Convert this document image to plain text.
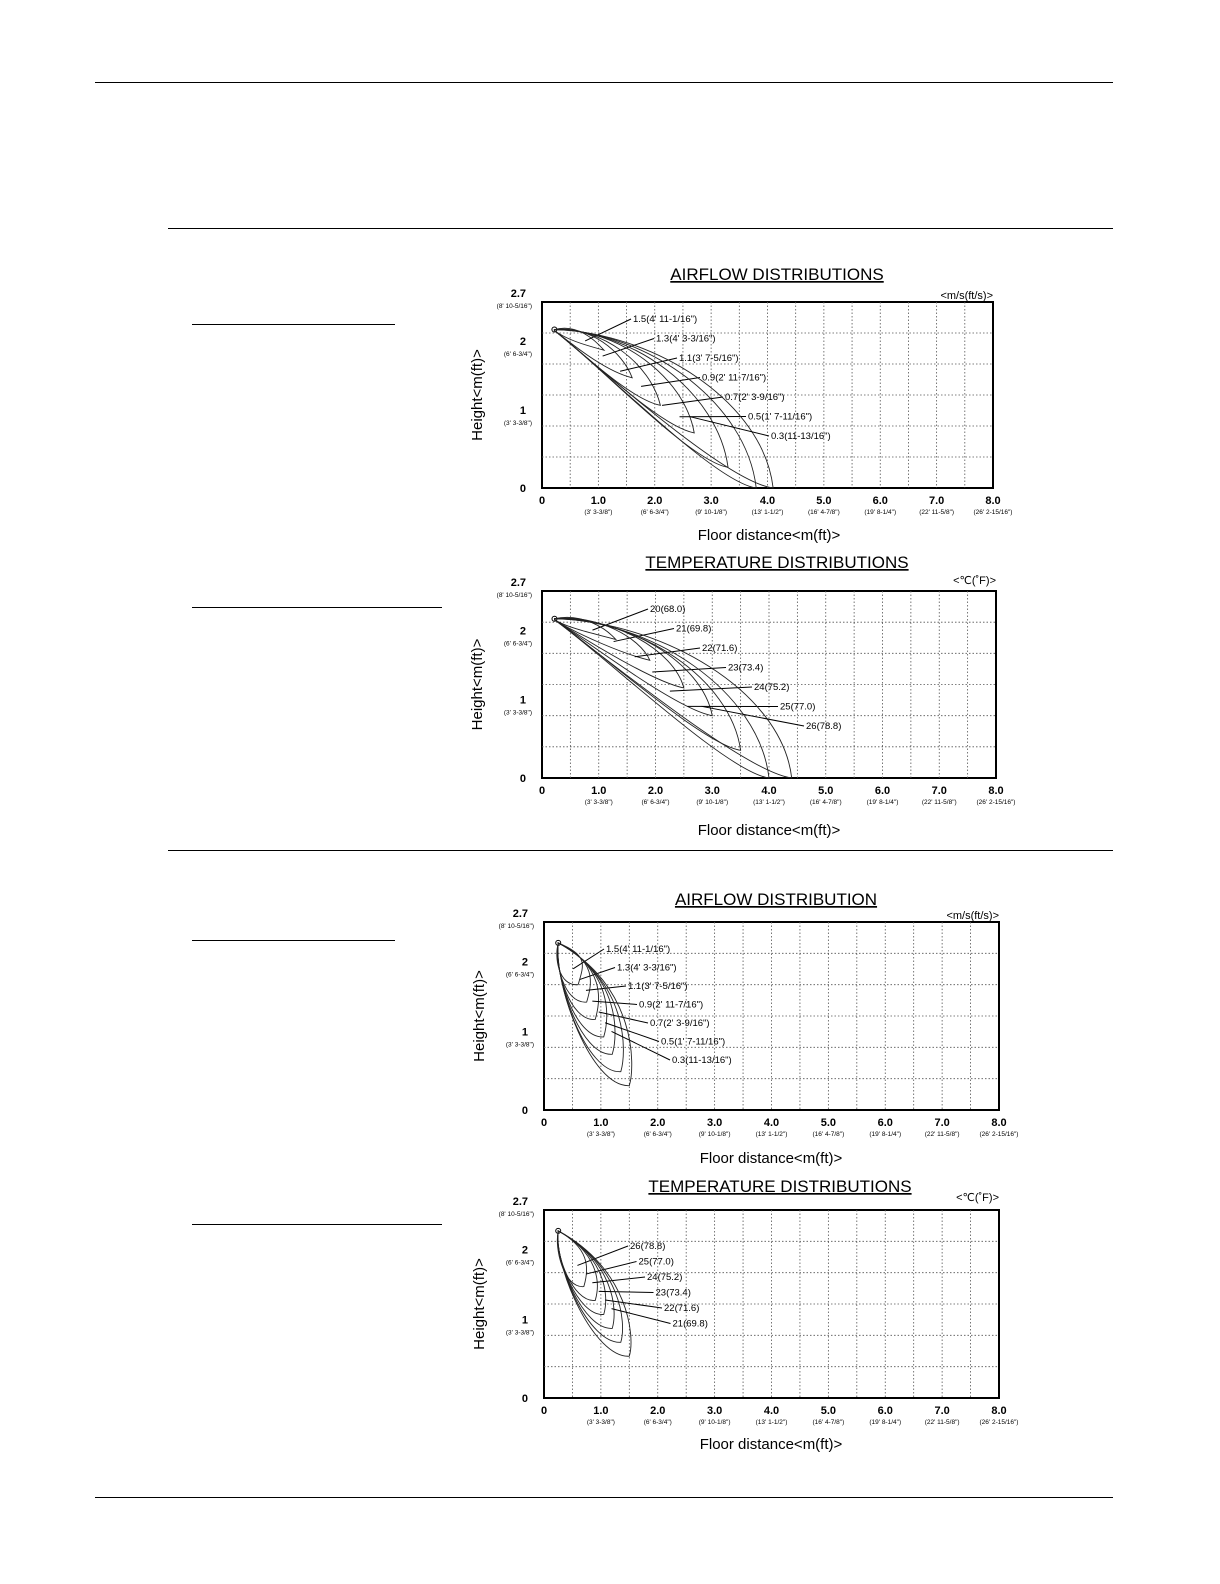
AIRFLOW DISTRIBUTIONS
<m/s(ft/s)>
0	1.0
(3' 3-3/8")
2.0
(6' 6-3/4")
3.0
(9' 10-1/8")
4.0
(13' 1-1/2")
5.0
(16' 4-7/8")
6.0
(19' 8-1/4")
7.0
(22' 11-5/8")
8.0
(26' 2-15/16")
0
1
(3' 3-3/8")
2
(6' 6-3/4")
2.7
(8' 10-5/16")
Floor distance<m(ft)>
Height<m(ft)>
1.5(4' 11-1/16")
1.3(4' 3-3/16")
1.1(3' 7-5/16")
0.9(2' 11-7/16")
0.7(2' 3-9/16")
0.5(1' 7-11/16")
0.3(11-13/16")
TEMPERATURE DISTRIBUTIONS
<℃(˚F)>
0	1.0
(3' 3-3/8")
2.0
(6' 6-3/4")
3.0
(9' 10-1/8")
4.0
(13' 1-1/2")
5.0
(16' 4-7/8")
6.0
(19' 8-1/4")
7.0
(22' 11-5/8")
8.0
(26' 2-15/16")
0
1
(3' 3-3/8")
2
(6' 6-3/4")
2.7
(8' 10-5/16")
Floor distance<m(ft)>
Height<m(ft)>
20(68.0)
21(69.8)
22(71.6)
23(73.4)
24(75.2)
25(77.0)
26(78.8)
AIRFLOW DISTRIBUTION
<m/s(ft/s)>
0	1.0
(3' 3-3/8")
2.0
(6' 6-3/4")
3.0
(9' 10-1/8")
4.0
(13' 1-1/2")
5.0
(16' 4-7/8")
6.0
(19' 8-1/4")
7.0
(22' 11-5/8")
8.0
(26' 2-15/16")
0
1
(3' 3-3/8")
2
(6' 6-3/4")
2.7
(8' 10-5/16")
Floor distance<m(ft)>
Height<m(ft)>
1.5(4' 11-1/16")
1.3(4' 3-3/16")
1.1(3' 7-5/16")
0.9(2' 11-7/16")
0.7(2' 3-9/16")
0.5(1' 7-11/16")
0.3(11-13/16")
TEMPERATURE DISTRIBUTIONS
<℃(˚F)>
0	1.0
(3' 3-3/8")
2.0
(6' 6-3/4")
3.0
(9' 10-1/8")
4.0
(13' 1-1/2")
5.0
(16' 4-7/8")
6.0
(19' 8-1/4")
7.0
(22' 11-5/8")
8.0
(26' 2-15/16")
0
1
(3' 3-3/8")
2
(6' 6-3/4")
2.7
(8' 10-5/16")
Floor distance<m(ft)>
Height<m(ft)>
26(78.8)
25(77.0)
24(75.2)
23(73.4)
22(71.6)
21(69.8)
